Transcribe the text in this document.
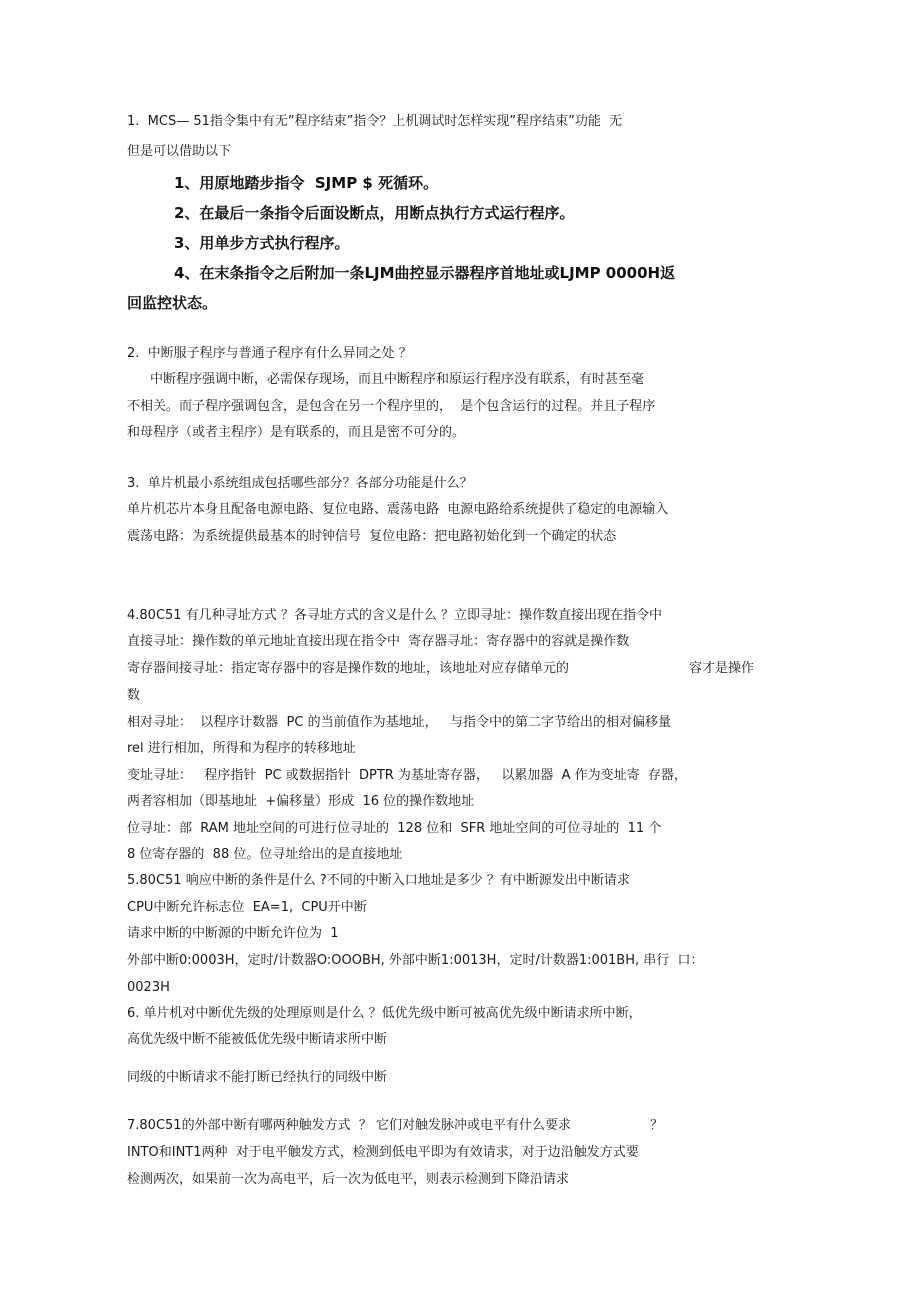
1.  MCS— 51指令集中有无”程序结束”指令？上机调试时怎样实现”程序结束”功能  无
但是可以借助以下
1、用原地踏步指令  SJMP $ 死循环。
2、在最后一条指令后面设断点，用断点执行方式运行程序。
3、用单步方式执行程序。
4、在末条指令之后附加一条LJM曲控显示器程序首地址或LJMP 0000H返
回监控状态。
2.  中断服子程序与普通子程序有什么异同之处 ？
中断程序强调中断，必需保存现场，而且中断程序和原运行程序没有联系，有时甚至毫
不相关。而子程序强调包含，是包含在另一个程序里的，  是个包含运行的过程。并且子程序
和母程序（或者主程序）是有联系的，而且是密不可分的。
3.  单片机最小系统组成包括哪些部分？各部分功能是什么？
单片机芯片本身且配备电源电路、复位电路、震荡电路  电源电路给系统提供了稳定的电源输入
震荡电路：为系统提供最基本的时钟信号  复位电路：把电路初始化到一个确定的状态
4.80C51 有几种寻址方式 ？各寻址方式的含义是什么 ？立即寻址：操作数直接出现在指令中
直接寻址：操作数的单元地址直接出现在指令中  寄存器寻址：寄存器中的容就是操作数
寄存器间接寻址：指定寄存器中的容是操作数的地址，该地址对应存储单元的	容才是操作
数
相对寻址：  以程序计数器  PC 的当前值作为基地址，   与指令中的第二字节给出的相对偏移量
rel 进行相加，所得和为程序的转移地址
变址寻址：   程序指针  PC 或数据指针  DPTR 为基址寄存器，   以累加器  A 作为变址寄  存器，
两者容相加（即基地址  +偏移量）形成  16 位的操作数地址
位寻址：部  RAM 地址空间的可进行位寻址的  128 位和  SFR 地址空间的可位寻址的  11 个
8 位寄存器的  88 位。位寻址给出的是直接地址
5.80C51 响应中断的条件是什么 ?不同的中断入口地址是多少 ？有中断源发出中断请求
CPU中断允许标志位  EA=1,  CPU开中断
请求中断的中断源的中断允许位为  1
外部中断0:0003H，定时/计数器O:OOOBH, 外部中断1:0013H，定时/计数器1:001BH, 串行  口：
0023H
6. 单片机对中断优先级的处理原则是什么 ？低优先级中断可被高优先级中断请求所中断，
高优先级中断不能被低优先级中断请求所中断
同级的中断请求不能打断已经执行的同级中断
7.80C51的外部中断有哪两种触发方式  ？ 它们对触发脉冲或电平有什么要求	？
INTO和INT1两种  对于电平触发方式，检测到低电平即为有效请求，对于边沿触发方式要
检测两次，如果前一次为高电平，后一次为低电平，则表示检测到下降沿请求
